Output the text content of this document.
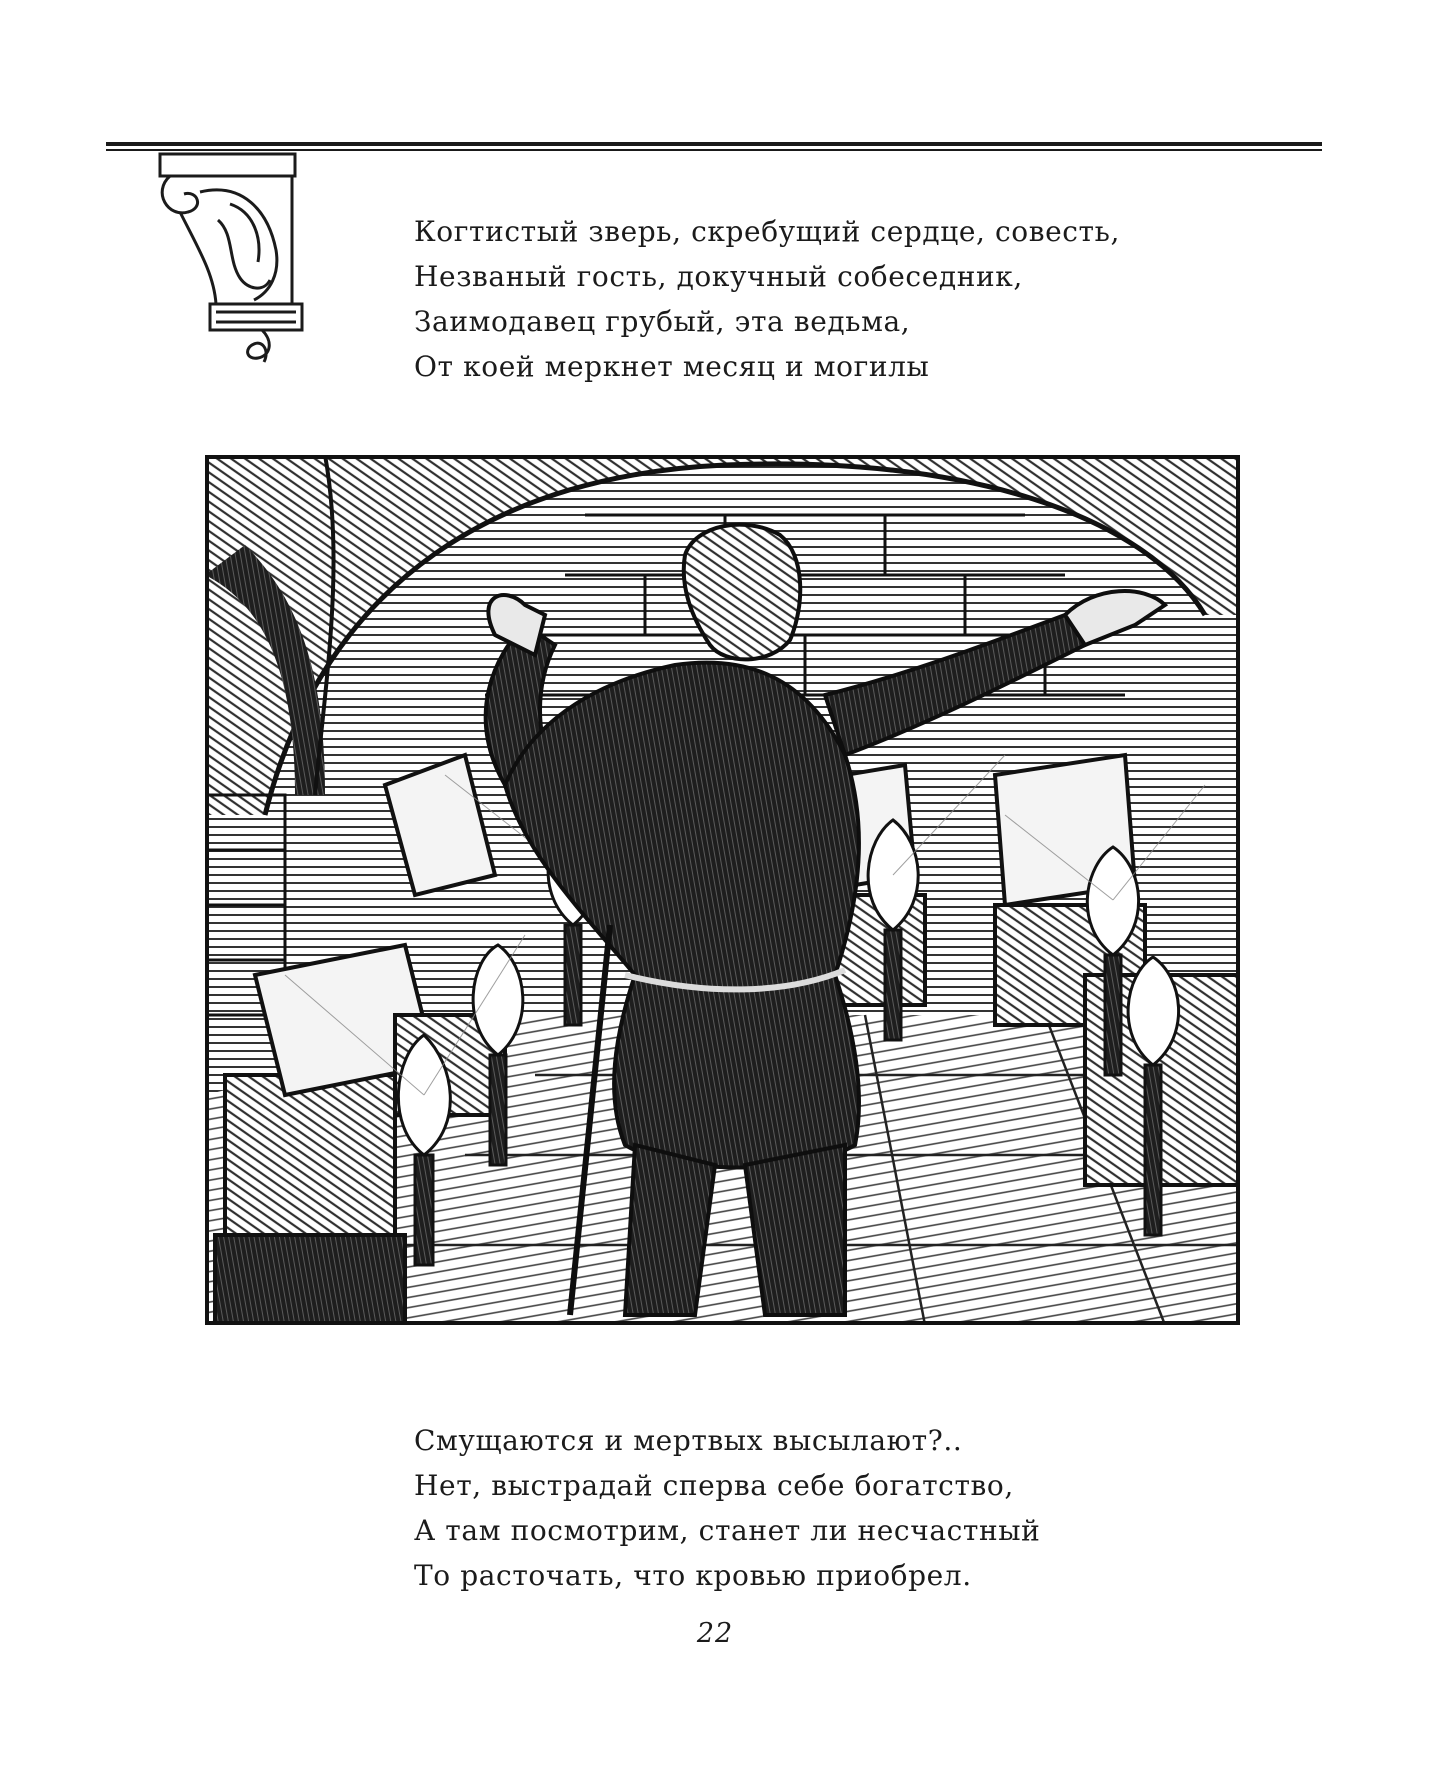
Когтистый зверь, скребущий сердце, совесть,
Незваный гость, докучный собеседник,
Заимодавец грубый, эта ведьма,
От коей меркнет месяц и могилы
Смущаются и мертвых высылают?..
Нет, выстрадай сперва себе богатство,
А там посмотрим, станет ли несчастный
То расточать, что кровью приобрел.
22
